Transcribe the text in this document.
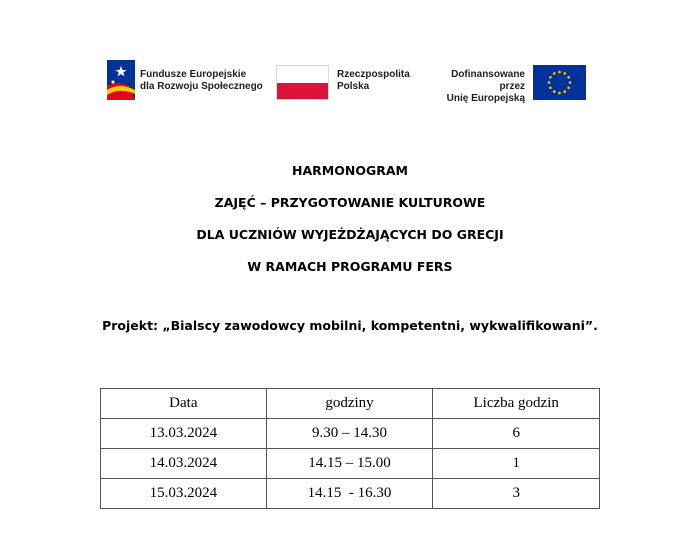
Fundusze Europejskie
dla Rozwoju Społecznego
Rzeczpospolita
Polska
Dofinansowane przez
Unię Europejską
HARMONOGRAM
ZAJĘĆ – PRZYGOTOWANIE KULTUROWE
DLA UCZNIÓW WYJEŻDŻAJĄCYCH DO GRECJI
W RAMACH PROGRAMU FERS
Projekt: „Bialscy zawodowcy mobilni, kompetentni, wykwalifikowani”.
Data	godziny	Liczba godzin
13.03.2024	9.30 – 14.30	6
14.03.2024	14.15 – 15.00	1
15.03.2024	14.15  - 16.30	3
